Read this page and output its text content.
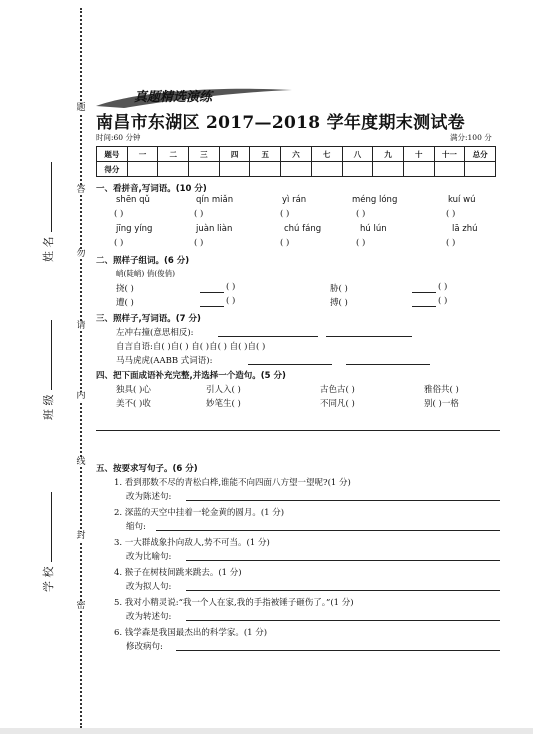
题
答
勿
请
内
线
封
密
姓 名
班 级
学 校
真题精选演练
南昌市东湖区 2017—2018 学年度期末测试卷
时间:60 分钟	满分:100 分
题号	一	二	三	四	五	六	七	八	九	十	十一	总分
得分												
一、看拼音,写词语。(10 分)
shēn qǔ	qín miǎn	yì rán	méng lóng	kuí wú
( )	( )	( )	( )	( )
jīng yíng	juàn liàn	chú fáng	hú lún	lā zhú
( )	( )	( )	( )	( )
二、照样子组词。(6 分)
峭(陡峭) 俏(俊俏)
挠( )	( )	胁( )	( )
遭( )	( )	搏( )	( )
三、照样子,写词语。(7 分)
左冲右撞(意思相反):
自言自语:自( )自( ) 自( )自( ) 自( )自( )
马马虎虎(AABB 式词语):
四、把下面成语补充完整,并选择一个造句。(5 分)
独具( )心	引人入( )	古色古( )	雅俗共( )
美不( )收	妙笔生( )	不同凡( )	别( )一格
五、按要求写句子。(6 分)
1. 看到那数不尽的青松白桦,谁能不向四面八方望一望呢?(1 分)
改为陈述句:
2. 深蓝的天空中挂着一轮金黄的圆月。(1 分)
缩句:
3. 一大群战象扑向敌人,势不可当。(1 分)
改为比喻句:
4. 猴子在树枝间跳来跳去。(1 分)
改为拟人句:
5. 我对小精灵说:“我一个人在家,我的手指被锤子砸伤了。”(1 分)
改为转述句:
6. 钱学森是我国最杰出的科学家。(1 分)
修改病句:
